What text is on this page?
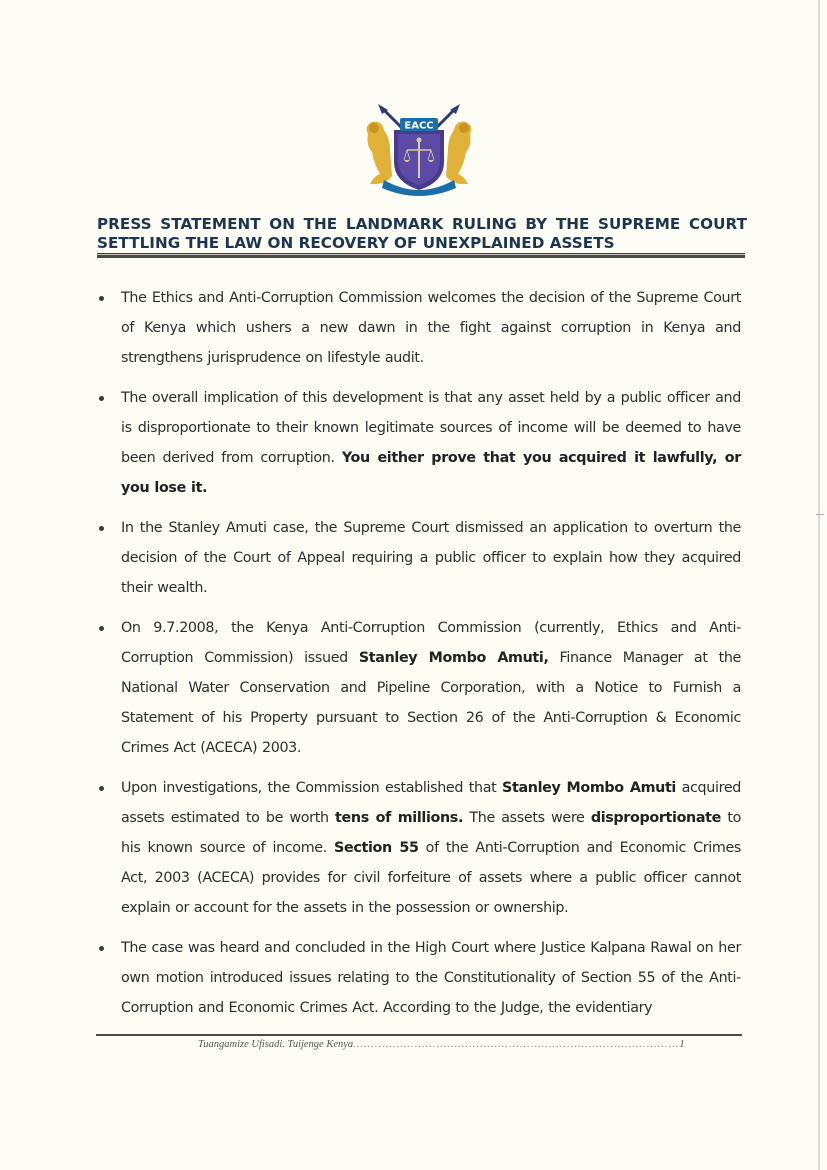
EACC
PRESS STATEMENT ON THE LANDMARK RULING BY THE SUPREME COURT
SETTLING THE LAW ON RECOVERY OF UNEXPLAINED ASSETS
The Ethics and Anti-Corruption Commission welcomes the decision of the Supreme Court of Kenya which ushers a new dawn in the fight against corruption in Kenya and strengthens jurisprudence on lifestyle audit.
The overall implication of this development is that any asset held by a public officer and is disproportionate to their known legitimate sources of income will be deemed to have been derived from corruption. You either prove that you acquired it lawfully, or you lose it.
In the Stanley Amuti case, the Supreme Court dismissed an application to overturn the decision of the Court of Appeal requiring a public officer to explain how they acquired their wealth.
On 9.7.2008, the Kenya Anti-Corruption Commission (currently, Ethics and Anti-Corruption Commission) issued Stanley Mombo Amuti, Finance Manager at the National Water Conservation and Pipeline Corporation, with a Notice to Furnish a Statement of his Property pursuant to Section 26 of the Anti-Corruption & Economic Crimes Act (ACECA) 2003.
Upon investigations, the Commission established that Stanley Mombo Amuti acquired assets estimated to be worth tens of millions. The assets were disproportionate to his known source of income. Section 55 of the Anti-Corruption and Economic Crimes Act, 2003 (ACECA) provides for civil forfeiture of assets where a public officer cannot explain or account for the assets in the possession or ownership.
The case was heard and concluded in the High Court where Justice Kalpana Rawal on her own motion introduced issues relating to the Constitutionality of Section 55 of the Anti-Corruption and Economic Crimes Act. According to the Judge, the evidentiary
Tuangamize Ufisadi. Tuijenge Kenya..........................................................................................1
